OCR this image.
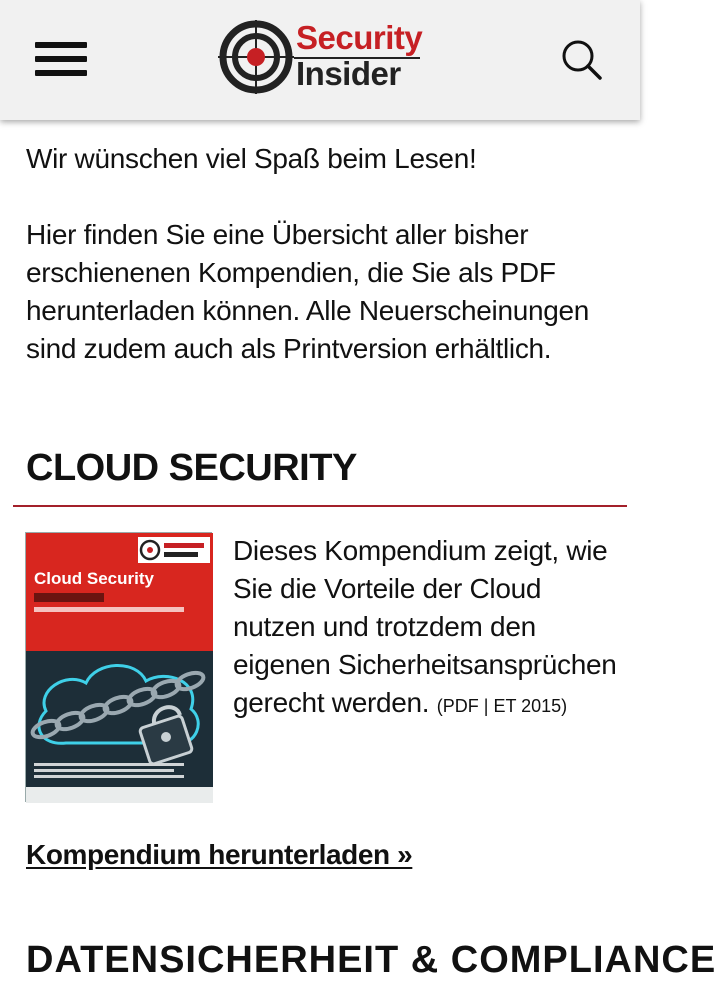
Security
Insider

Wir wünschen viel Spaß beim Lesen!

Hier finden Sie eine Übersicht aller bisher erschienenen Kompendien, die Sie als PDF herunterladen können. Alle Neuerscheinungen sind zudem auch als Printversion erhältlich.

CLOUD SECURITY
Cloud Security

Dieses Kompendium zeigt, wie Sie die Vorteile der Cloud nutzen und trotzdem den eigenen Sicherheitsansprüchen gerecht werden. (PDF | ET 2015)

Kompendium herunterladen »
DATENSICHERHEIT & COMPLIANCE
